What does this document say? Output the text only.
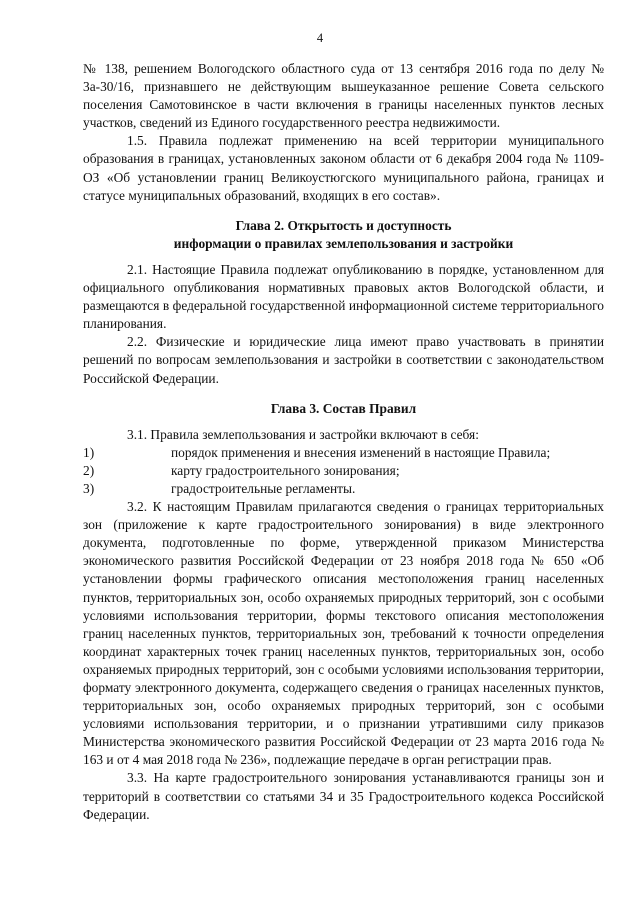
4
№ 138, решением Вологодского областного суда от 13 сентября 2016 года по делу № 3а-30/16, признавшего не действующим вышеуказанное решение Совета сельского поселения Самотовинское в части включения в границы населенных пунктов лесных участков, сведений из Единого государственного реестра недвижимости.
1.5. Правила подлежат применению на всей территории муниципального образования в границах, установленных законом области от 6 декабря 2004 года № 1109-ОЗ «Об установлении границ Великоустюгского муниципального района, границах и статусе муниципальных образований, входящих в его состав».
Глава 2. Открытость и доступность
информации о правилах землепользования и застройки
2.1. Настоящие Правила подлежат опубликованию в порядке, установленном для официального опубликования нормативных правовых актов Вологодской области, и размещаются в федеральной государственной информационной системе территориального планирования.
2.2. Физические и юридические лица имеют право участвовать в принятии решений по вопросам землепользования и застройки в соответствии с законодательством Российской Федерации.
Глава 3. Состав Правил
3.1. Правила землепользования и застройки включают в себя:
1)	порядок применения и внесения изменений в настоящие Правила;
2)	карту градостроительного зонирования;
3)	градостроительные регламенты.
3.2. К настоящим Правилам прилагаются сведения о границах территориальных зон (приложение к карте градостроительного зонирования) в виде электронного документа, подготовленные по форме, утвержденной приказом Министерства экономического развития Российской Федерации от 23 ноября 2018 года № 650 «Об установлении формы графического описания местоположения границ населенных пунктов, территориальных зон, особо охраняемых природных территорий, зон с особыми условиями использования территории, формы текстового описания местоположения границ населенных пунктов, территориальных зон, требований к точности определения координат характерных точек границ населенных пунктов, территориальных зон, особо охраняемых природных территорий, зон с особыми условиями использования территории, формату электронного документа, содержащего сведения о границах населенных пунктов, территориальных зон, особо охраняемых природных территорий, зон с особыми условиями использования территории, и о признании утратившими силу приказов Министерства экономического развития Российской Федерации от 23 марта 2016 года № 163 и от 4 мая 2018 года № 236», подлежащие передаче в орган регистрации прав.
3.3. На карте градостроительного зонирования устанавливаются границы зон и территорий в соответствии со статьями 34 и 35 Градостроительного кодекса Российской Федерации.
